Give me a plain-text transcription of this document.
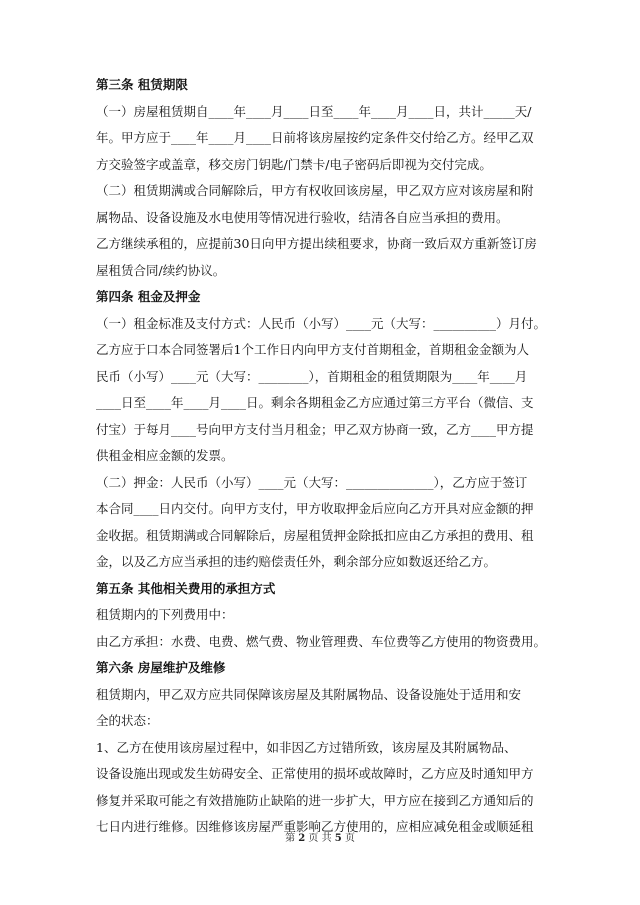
第三条 租赁期限
（一）房屋租赁期自____年____月____日至____年____月____日，共计_____天/
年。甲方应于____年____月____日前将该房屋按约定条件交付给乙方。经甲乙双
方交验签字或盖章，移交房门钥匙/门禁卡/电子密码后即视为交付完成。
（二）租赁期满或合同解除后，甲方有权收回该房屋，甲乙双方应对该房屋和附
属物品、设备设施及水电使用等情况进行验收，结清各自应当承担的费用。
乙方继续承租的，应提前30日向甲方提出续租要求，协商一致后双方重新签订房
屋租赁合同/续约协议。
第四条 租金及押金
（一）租金标准及支付方式：人民币（小写）____元（大写：__________）月付。
乙方应于口本合同签署后1个工作日内向甲方支付首期租金，首期租金金额为人
民币（小写）____元（大写：________），首期租金的租赁期限为____年____月
____日至____年____月____日。剩余各期租金乙方应通过第三方平台（微信、支
付宝）于每月____号向甲方支付当月租金；甲乙双方协商一致，乙方____甲方提
供租金相应金额的发票。
（二）押金：人民币（小写）____元（大写：______________），乙方应于签订
本合同____日内交付。向甲方支付，甲方收取押金后应向乙方开具对应金额的押
金收据。租赁期满或合同解除后，房屋租赁押金除抵扣应由乙方承担的费用、租
金，以及乙方应当承担的违约赔偿责任外，剩余部分应如数返还给乙方。
第五条 其他相关费用的承担方式
租赁期内的下列费用中：
由乙方承担：水费、电费、燃气费、物业管理费、车位费等乙方使用的物资费用。
第六条 房屋维护及维修
租赁期内，甲乙双方应共同保障该房屋及其附属物品、设备设施处于适用和安
全的状态：
1、乙方在使用该房屋过程中，如非因乙方过错所致，该房屋及其附属物品、
设备设施出现或发生妨碍安全、正常使用的损坏或故障时，乙方应及时通知甲方
修复并采取可能之有效措施防止缺陷的进一步扩大，甲方应在接到乙方通知后的
七日内进行维修。因维修该房屋严重影响乙方使用的，应相应减免租金或顺延租
第 2 页 共 5 页
